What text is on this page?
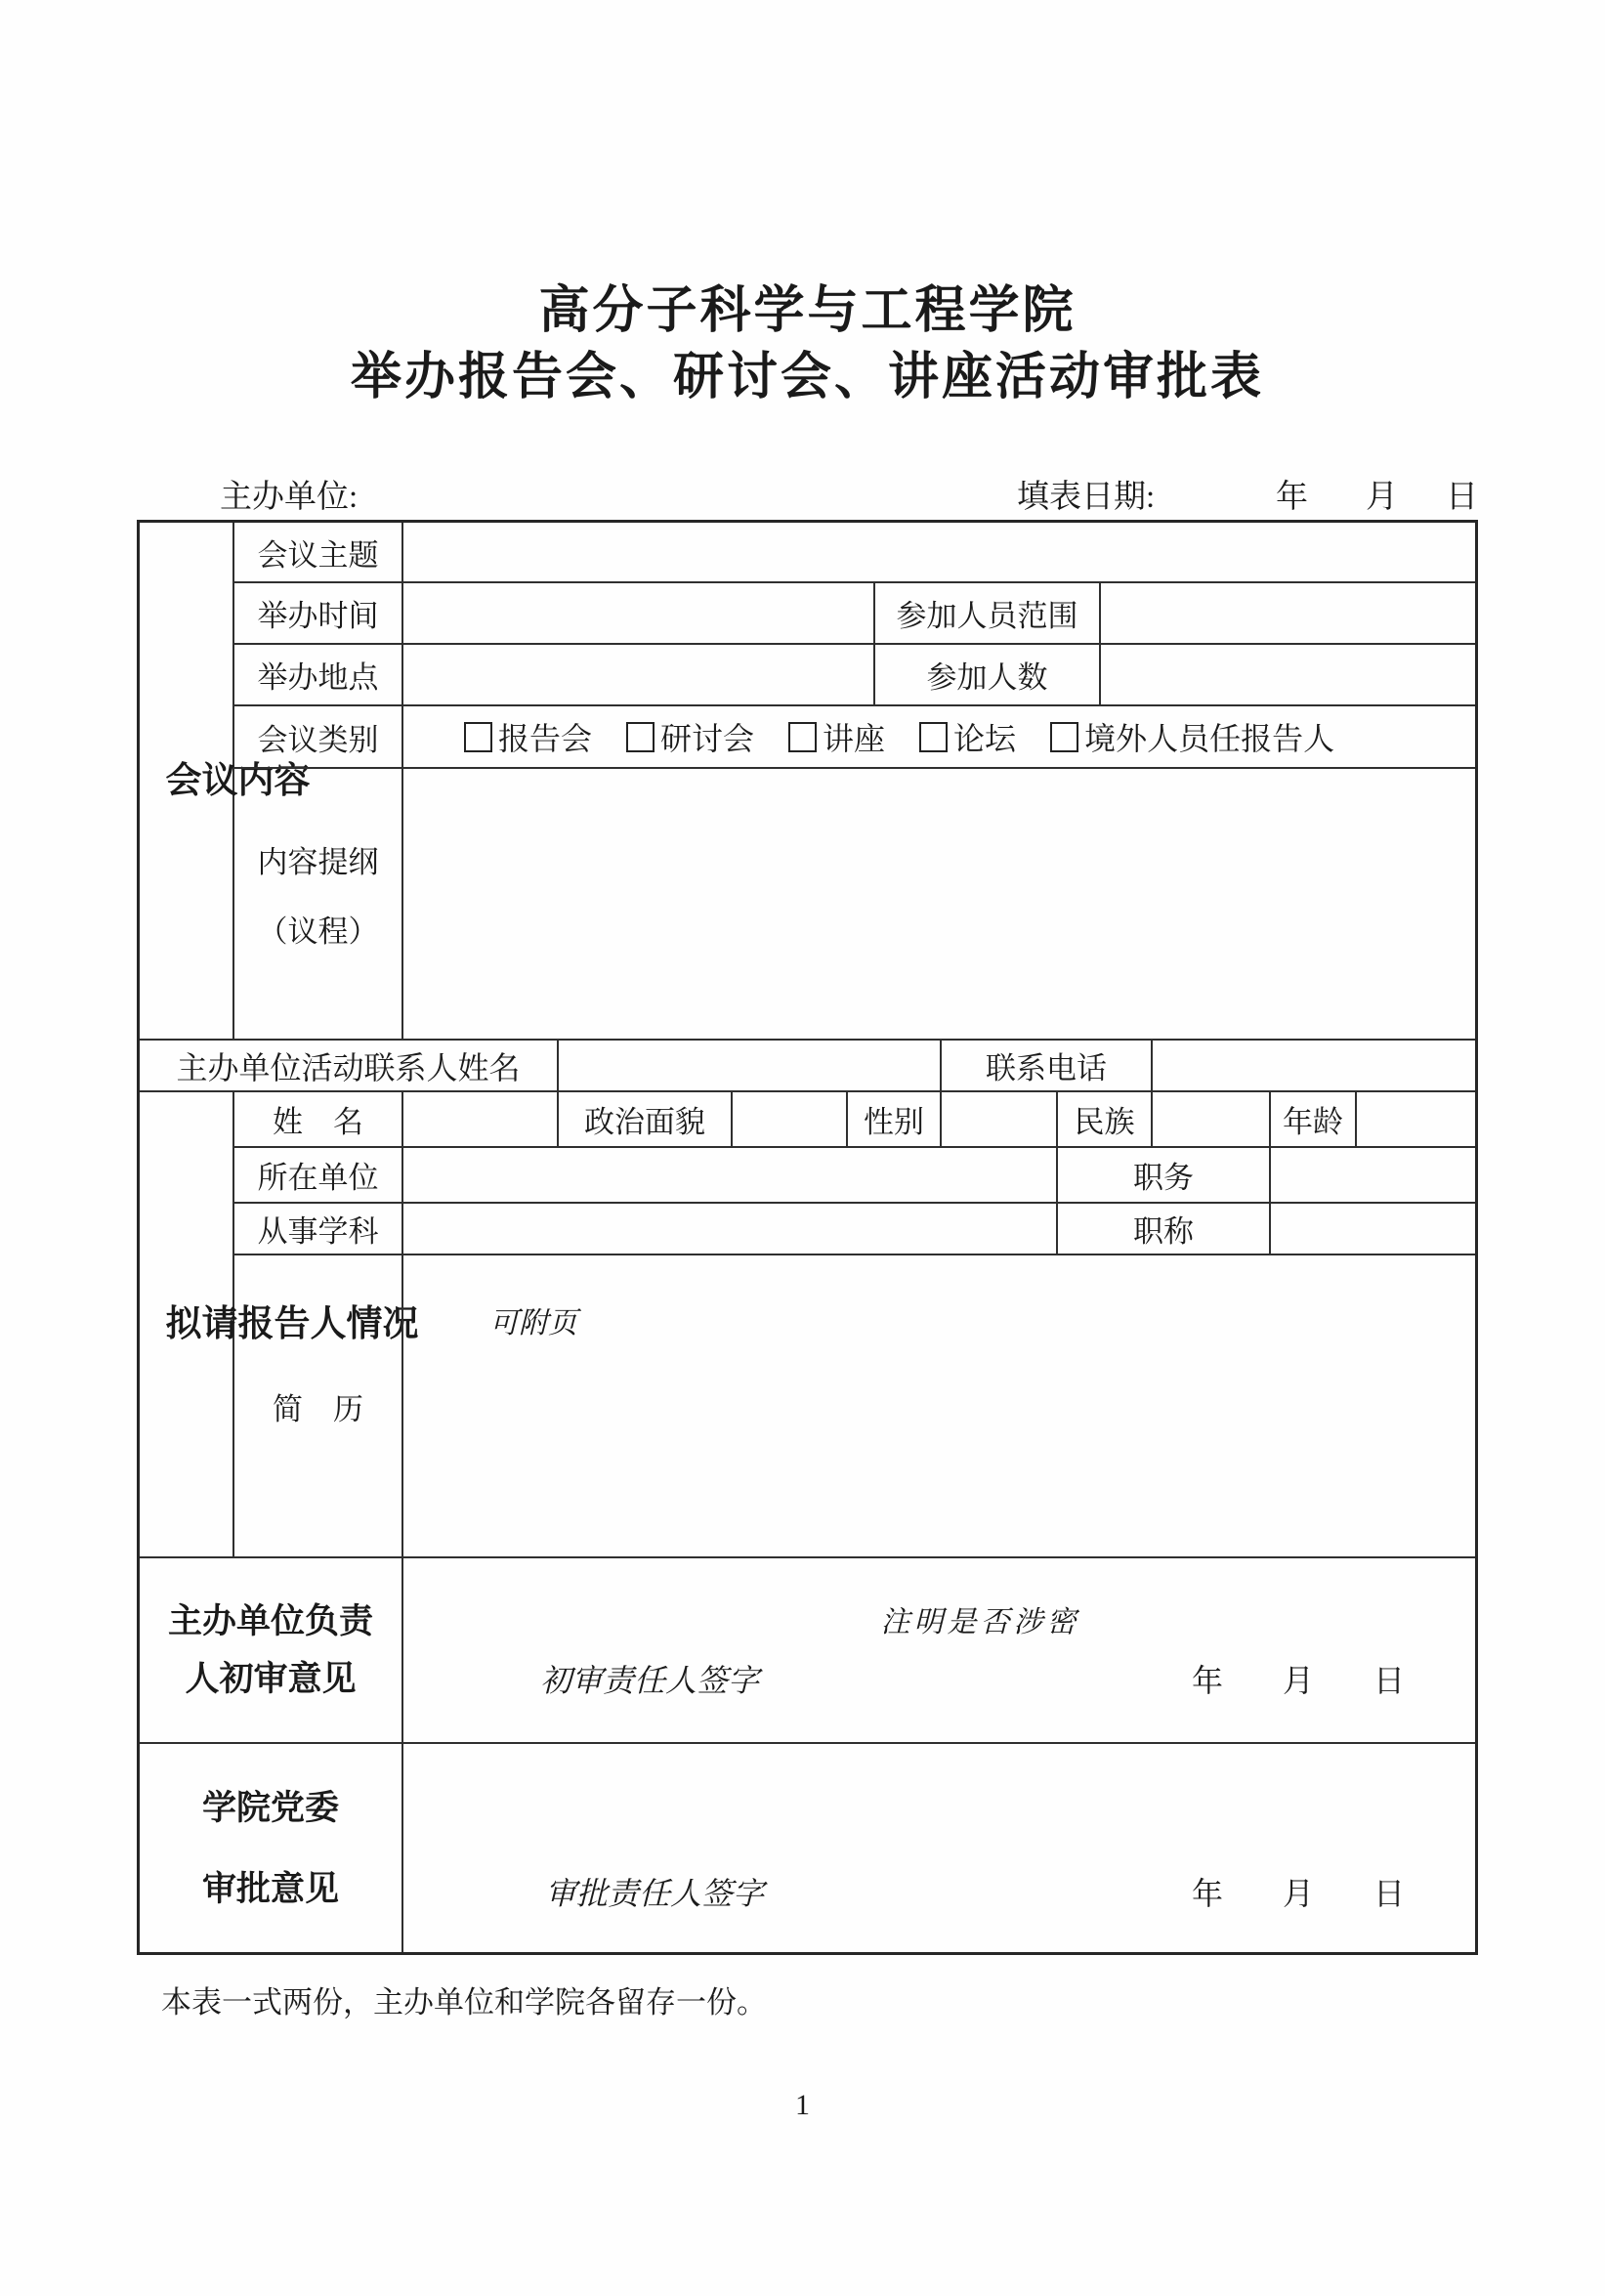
高分子科学与工程学院
举办报告会、研讨会、讲座活动审批表
主办单位:	填表日期:	年 月 日
会议内容
会议主题
举办时间	参加人员范围
举办地点	参加人数
会议类别	报告会 研讨会 讲座 论坛 境外人员任报告人
内容提纲
（议程）
主办单位活动联系人姓名	联系电话
拟请报告人情况
姓　名	政治面貌	性别	民族	年龄
所在单位	职务
从事学科	职称
简　历
可附页
主办单位负责
人初审意见
注明是否涉密
初审责任人签字	年 月 日
学院党委
审批意见	审批责任人签字	年 月 日
本表一式两份，主办单位和学院各留存一份。
1
